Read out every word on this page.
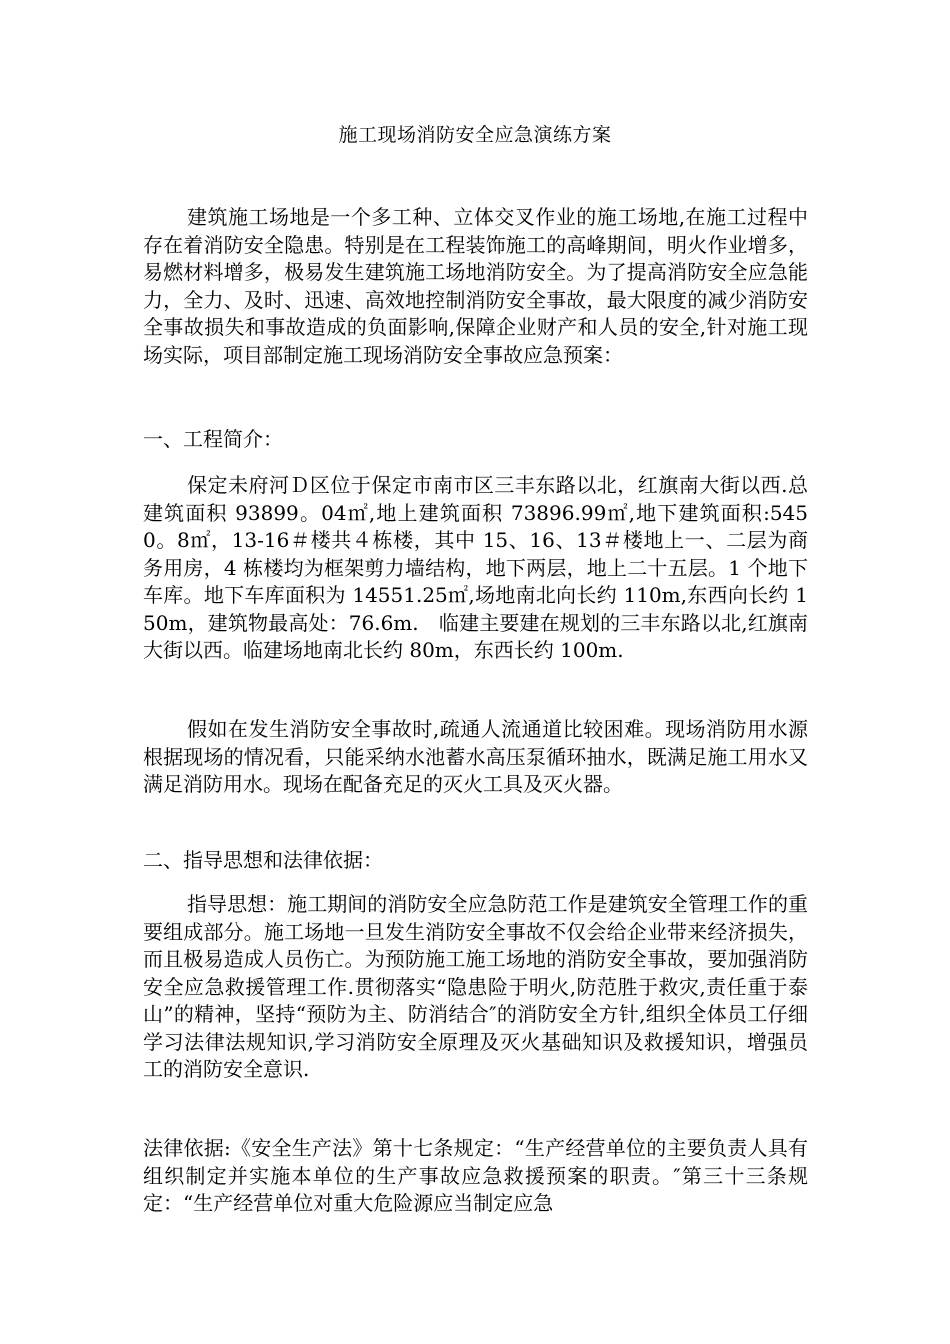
施工现场消防安全应急演练方案
建筑施工场地是一个多工种、立体交叉作业的施工场地,在施工过程中存在着消防安全隐患。特别是在工程装饰施工的高峰期间，明火作业增多，易燃材料增多，极易发生建筑施工场地消防安全。为了提高消防安全应急能力，全力、及时、迅速、高效地控制消防安全事故，最大限度的减少消防安全事故损失和事故造成的负面影响,保障企业财产和人员的安全,针对施工现场实际，项目部制定施工现场消防安全事故应急预案：
一、工程简介：
保定未府河Ｄ区位于保定市南市区三丰东路以北，红旗南大街以西.总建筑面积 93899。04㎡,地上建筑面积 73896.99㎡,地下建筑面积:5450。8㎡，13-16＃楼共４栋楼，其中 15、16、13＃楼地上一、二层为商务用房，4 栋楼均为框架剪力墙结构，地下两层，地上二十五层。1 个地下车库。地下车库面积为 14551.25㎡,场地南北向长约 110m,东西向长约 150m，建筑物最高处：76.6m.　临建主要建在规划的三丰东路以北,红旗南大街以西。临建场地南北长约 80m，东西长约 100m.
假如在发生消防安全事故时,疏通人流通道比较困难。现场消防用水源根据现场的情况看，只能采纳水池蓄水高压泵循环抽水，既满足施工用水又满足消防用水。现场在配备充足的灭火工具及灭火器。
二、指导思想和法律依据：
指导思想：施工期间的消防安全应急防范工作是建筑安全管理工作的重要组成部分。施工场地一旦发生消防安全事故不仅会给企业带来经济损失，而且极易造成人员伤亡。为预防施工施工场地的消防安全事故，要加强消防安全应急救援管理工作.贯彻落实“隐患险于明火,防范胜于救灾,责任重于泰山”的精神，坚持“预防为主、防消结合″的消防安全方针,组织全体员工仔细学习法律法规知识,学习消防安全原理及灭火基础知识及救援知识，增强员工的消防安全意识.
法律依据:《安全生产法》第十七条规定：“生产经营单位的主要负责人具有组织制定并实施本单位的生产事故应急救援预案的职责。″第三十三条规定：“生产经营单位对重大危险源应当制定应急
